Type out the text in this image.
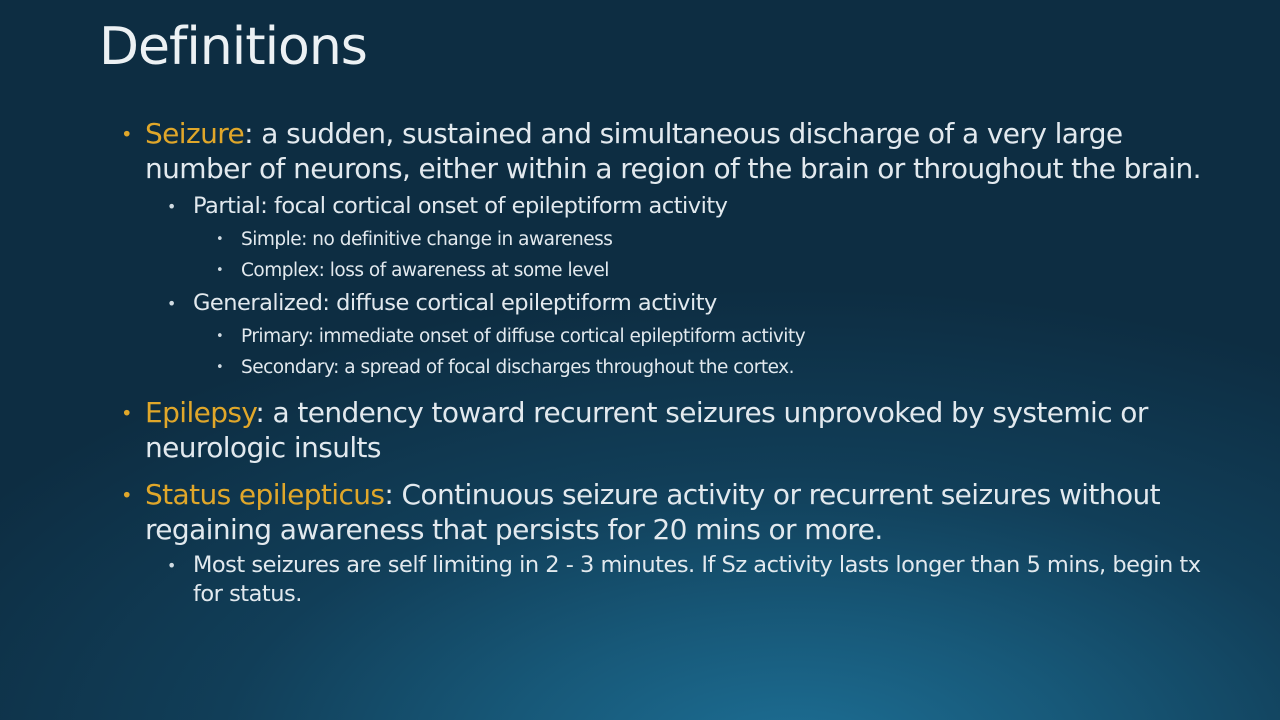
Definitions
• Seizure: a sudden, sustained and simultaneous discharge of a very large number of neurons, either within a region of the brain or throughout the brain.
• Partial: focal cortical onset of epileptiform activity
• Simple: no definitive change in awareness
• Complex: loss of awareness at some level
• Generalized: diffuse cortical epileptiform activity
• Primary: immediate onset of diffuse cortical epileptiform activity
• Secondary: a spread of focal discharges throughout the cortex.
• Epilepsy: a tendency toward recurrent seizures unprovoked by systemic or neurologic insults
• Status epilepticus: Continuous seizure activity or recurrent seizures without regaining awareness that persists for 20 mins or more.
• Most seizures are self limiting in 2 - 3 minutes. If Sz activity lasts longer than 5 mins, begin tx for status.
